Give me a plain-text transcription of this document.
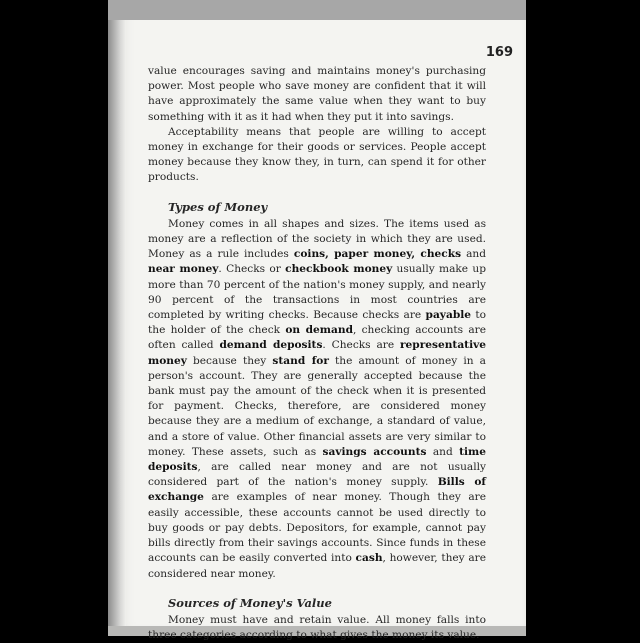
169

value encourages saving and maintains money's purchasing power. Most people who save money are confident that it will have approximately the same value when they want to buy something with it as it had when they put it into savings.

Acceptability means that people are willing to accept money in exchange for their goods or services. People accept money because they know they, in turn, can spend it for other products.

Types of Money

Money comes in all shapes and sizes. The items used as money are a reflection of the society in which they are used. Money as a rule includes coins, paper money, checks and near money. Checks or checkbook money usually make up more than 70 percent of the nation's money supply, and nearly 90 percent of the transactions in most countries are completed by writing checks. Because checks are payable to the holder of the check on demand, checking accounts are often called demand deposits. Checks are representative money because they stand for the amount of money in a person's account. They are generally accepted because the bank must pay the amount of the check when it is presented for payment. Checks, therefore, are considered money because they are a medium of exchange, a standard of value, and a store of value. Other financial assets are very similar to money. These assets, such as savings accounts and time deposits, are called near money and are not usually considered part of the nation's money supply. Bills of exchange are examples of near money. Though they are easily accessible, these accounts cannot be used directly to buy goods or pay debts. Depositors, for example, cannot pay bills directly from their savings accounts. Since funds in these accounts can be easily converted into cash, however, they are considered near money.

Sources of Money's Value

Money must have and retain value. All money falls into three categories according to what gives the money its value.
